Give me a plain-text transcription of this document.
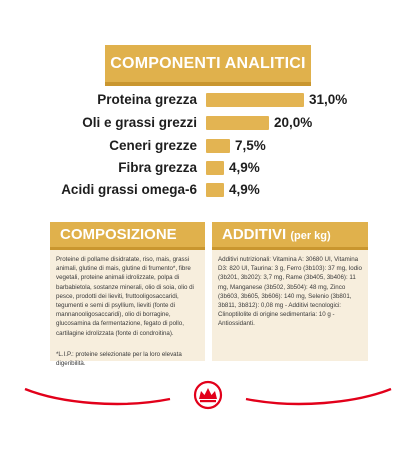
COMPONENTI ANALITICI
Proteina grezza	31,0%
Oli e grassi grezzi	20,0%
Ceneri grezze	7,5%
Fibra grezza 4,9%
Acidi grassi omega-6 4,9%
COMPOSIZIONE

Proteine di pollame disidratate, riso, mais, grassi animali, glutine di mais, glutine di frumento*, fibre vegetali, proteine animali idrolizzate, polpa di barbabietola, sostanze minerali, olio di soia, olio di pesce, prodotti dei lieviti, fruttooligosaccaridi, tegumenti e semi di psyllium, lieviti (fonte di mannanooligosaccaridi), olio di borragine, glucosamina da fermentazione, fegato di pollo, cartilagine idrolizzata (fonte di condroitina).

*L.I.P.: proteine selezionate per la loro elevata digeribilità.

ADDITIVI (per kg)

Additivi nutrizionali: Vitamina A: 30680 UI, Vitamina D3: 820 UI, Taurina: 3 g, Ferro (3b103): 37 mg, Iodio (3b201, 3b202): 3,7 mg, Rame (3b405, 3b406): 11 mg, Manganese (3b502, 3b504): 48 mg, Zinco (3b603, 3b605, 3b606): 140 mg, Selenio (3b801, 3b811, 3b812): 0,08 mg - Additivi tecnologici: Clinoptilolite di origine sedimentaria: 10 g - Antiossidanti.
